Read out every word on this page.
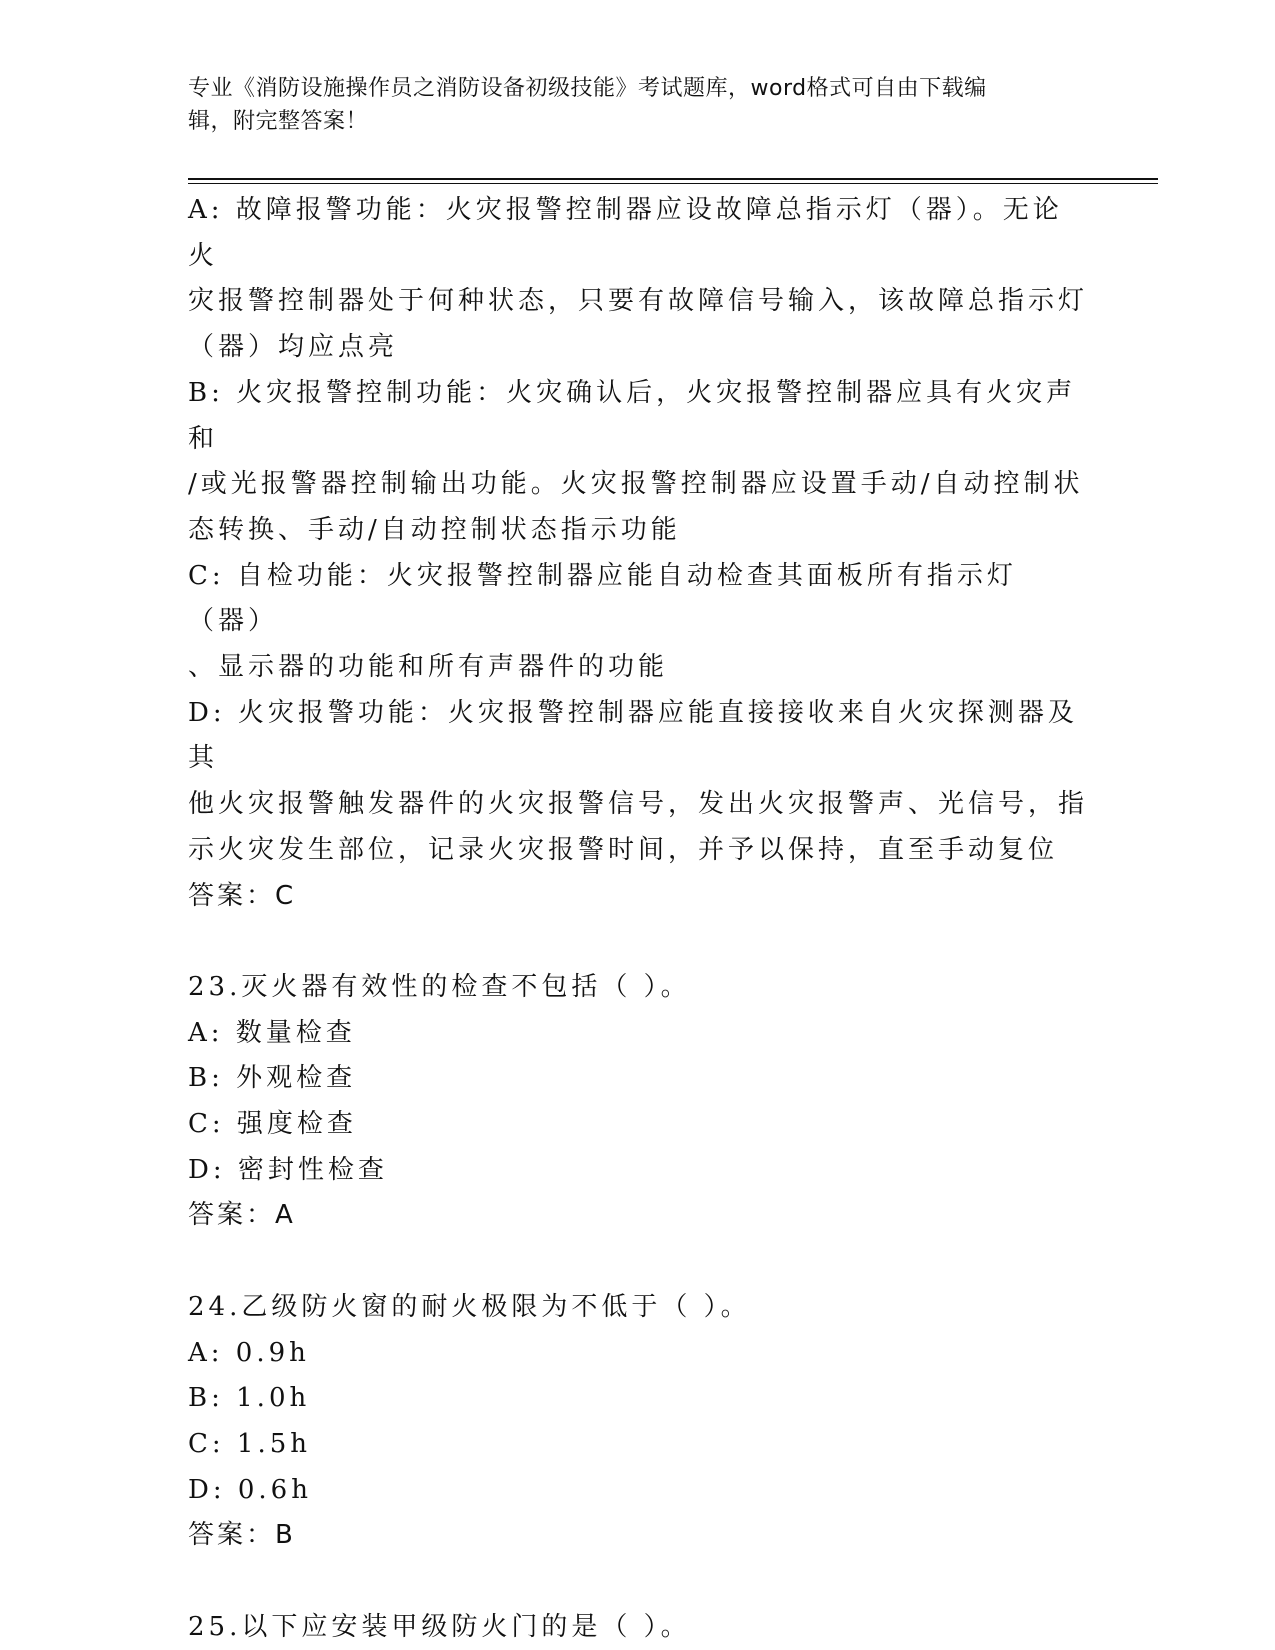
专业《消防设施操作员之消防设备初级技能》考试题库，word格式可自由下载编
辑，附完整答案！

A: 故障报警功能：火灾报警控制器应设故障总指示灯（器）。无论火

灾报警控制器处于何种状态，只要有故障信号输入，该故障总指示灯

（器）均应点亮

B: 火灾报警控制功能：火灾确认后，火灾报警控制器应具有火灾声和

/或光报警器控制输出功能。火灾报警控制器应设置手动/自动控制状

态转换、手动/自动控制状态指示功能

C: 自检功能：火灾报警控制器应能自动检查其面板所有指示灯（器）

、显示器的功能和所有声器件的功能

D: 火灾报警功能：火灾报警控制器应能直接接收来自火灾探测器及其

他火灾报警触发器件的火灾报警信号，发出火灾报警声、光信号，指

示火灾发生部位，记录火灾报警时间，并予以保持，直至手动复位

答案：C

23.灭火器有效性的检查不包括（ ）。

A: 数量检查

B: 外观检查

C: 强度检查

D: 密封性检查

答案：A

24.乙级防火窗的耐火极限为不低于（ ）。

A: 0.9h

B: 1.0h

C: 1.5h

D: 0.6h

答案：B

25.以下应安装甲级防火门的是（ ）。
